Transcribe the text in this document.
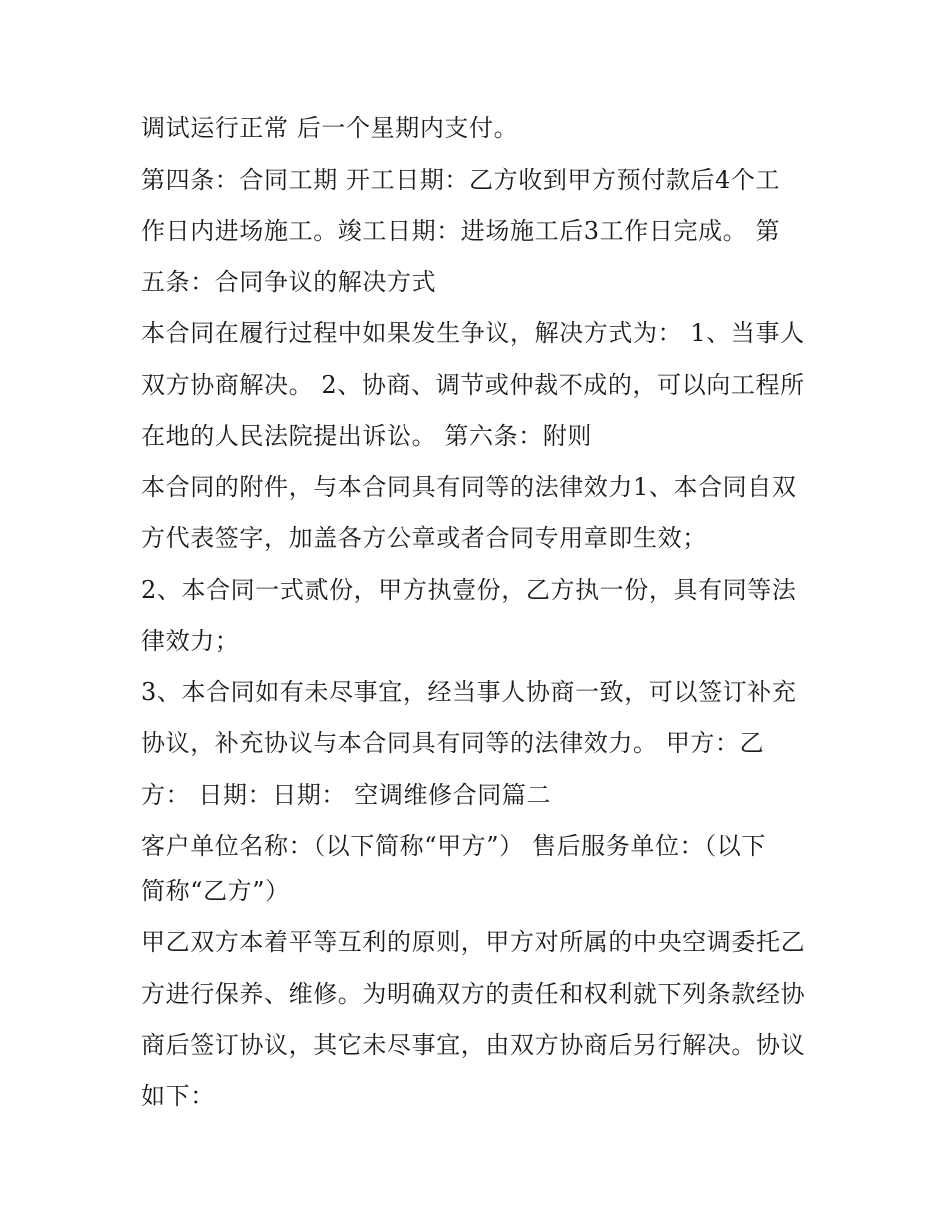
调试运行正常 后一个星期内支付。
第四条：合同工期 开工日期：乙方收到甲方预付款后4个工
作日内进场施工。竣工日期：进场施工后3工作日完成。 第
五条：合同争议的解决方式
本合同在履行过程中如果发生争议，解决方式为： 1、当事人
双方协商解决。 2、协商、调节或仲裁不成的，可以向工程所
在地的人民法院提出诉讼。 第六条：附则
本合同的附件，与本合同具有同等的法律效力1、本合同自双
方代表签字，加盖各方公章或者合同专用章即生效；
2、本合同一式贰份，甲方执壹份，乙方执一份，具有同等法
律效力；
3、本合同如有未尽事宜，经当事人协商一致，可以签订补充
协议，补充协议与本合同具有同等的法律效力。 甲方：乙
方： 日期：日期： 空调维修合同篇二
客户单位名称：（以下简称“甲方”） 售后服务单位：（以下
简称“乙方”）
甲乙双方本着平等互利的原则，甲方对所属的中央空调委托乙
方进行保养、维修。为明确双方的责任和权利就下列条款经协
商后签订协议，其它未尽事宜，由双方协商后另行解决。协议
如下：
